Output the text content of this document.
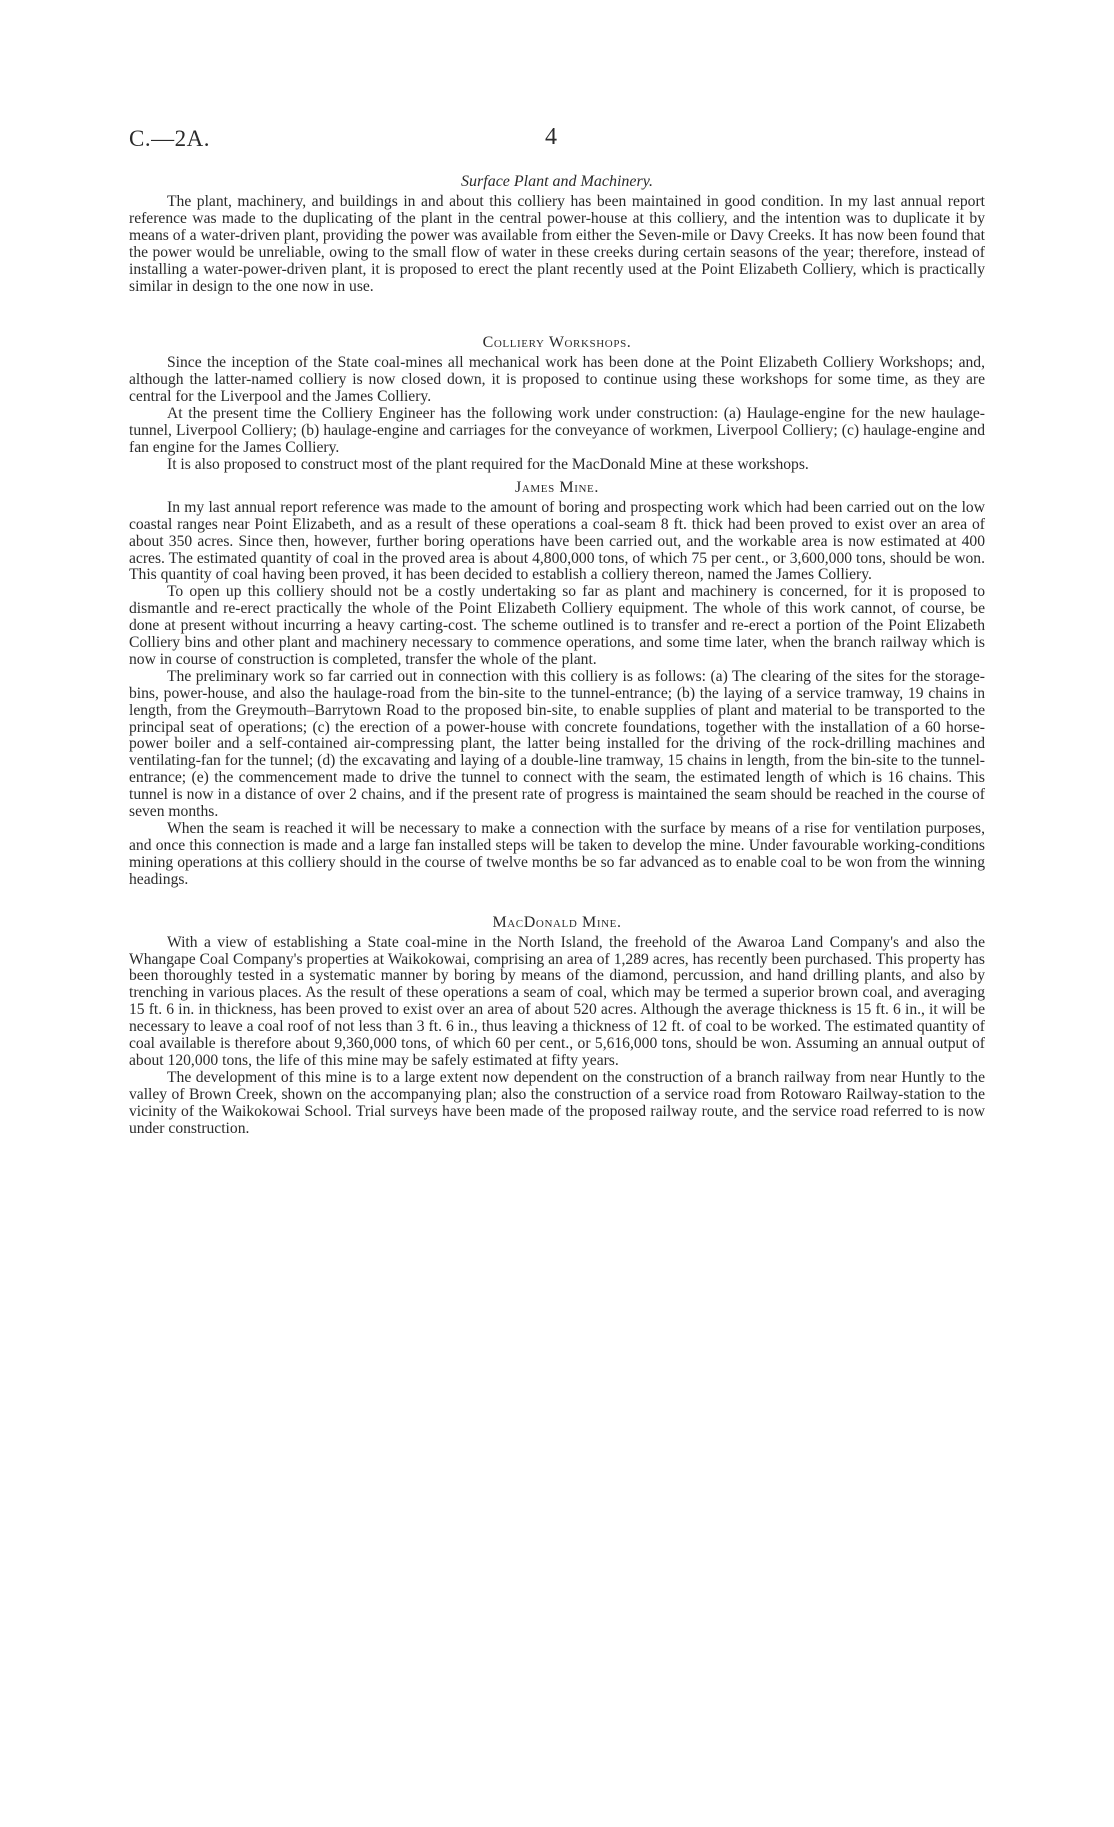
C.—2A.	4
Surface Plant and Machinery.

The plant, machinery, and buildings in and about this colliery has been maintained in good condition. In my last annual report reference was made to the duplicating of the plant in the central power-house at this colliery, and the intention was to duplicate it by means of a water-driven plant, providing the power was available from either the Seven-mile or Davy Creeks. It has now been found that the power would be unreliable, owing to the small flow of water in these creeks during certain seasons of the year; therefore, instead of installing a water-power-driven plant, it is proposed to erect the plant recently used at the Point Elizabeth Colliery, which is practically similar in design to the one now in use.

Colliery Workshops.

Since the inception of the State coal-mines all mechanical work has been done at the Point Elizabeth Colliery Workshops; and, although the latter-named colliery is now closed down, it is proposed to continue using these workshops for some time, as they are central for the Liverpool and the James Colliery.

At the present time the Colliery Engineer has the following work under construction: (a) Haulage-engine for the new haulage-tunnel, Liverpool Colliery; (b) haulage-engine and carriages for the conveyance of workmen, Liverpool Colliery; (c) haulage-engine and fan engine for the James Colliery.

It is also proposed to construct most of the plant required for the MacDonald Mine at these workshops.

James Mine.

In my last annual report reference was made to the amount of boring and prospecting work which had been carried out on the low coastal ranges near Point Elizabeth, and as a result of these operations a coal-seam 8 ft. thick had been proved to exist over an area of about 350 acres. Since then, however, further boring operations have been carried out, and the workable area is now estimated at 400 acres. The estimated quantity of coal in the proved area is about 4,800,000 tons, of which 75 per cent., or 3,600,000 tons, should be won. This quantity of coal having been proved, it has been decided to establish a colliery thereon, named the James Colliery.

To open up this colliery should not be a costly undertaking so far as plant and machinery is concerned, for it is proposed to dismantle and re-erect practically the whole of the Point Elizabeth Colliery equipment. The whole of this work cannot, of course, be done at present without incurring a heavy carting-cost. The scheme outlined is to transfer and re-erect a portion of the Point Elizabeth Colliery bins and other plant and machinery necessary to commence operations, and some time later, when the branch railway which is now in course of construction is completed, transfer the whole of the plant.

The preliminary work so far carried out in connection with this colliery is as follows: (a) The clearing of the sites for the storage-bins, power-house, and also the haulage-road from the bin-site to the tunnel-entrance; (b) the laying of a service tramway, 19 chains in length, from the Greymouth–Barrytown Road to the proposed bin-site, to enable supplies of plant and material to be transported to the principal seat of operations; (c) the erection of a power-house with concrete foundations, together with the installation of a 60 horse-power boiler and a self-contained air-compressing plant, the latter being installed for the driving of the rock-drilling machines and ventilating-fan for the tunnel; (d) the excavating and laying of a double-line tramway, 15 chains in length, from the bin-site to the tunnel-entrance; (e) the commencement made to drive the tunnel to connect with the seam, the estimated length of which is 16 chains. This tunnel is now in a distance of over 2 chains, and if the present rate of progress is maintained the seam should be reached in the course of seven months.

When the seam is reached it will be necessary to make a connection with the surface by means of a rise for ventilation purposes, and once this connection is made and a large fan installed steps will be taken to develop the mine. Under favourable working-conditions mining operations at this colliery should in the course of twelve months be so far advanced as to enable coal to be won from the winning headings.

MacDonald Mine.

With a view of establishing a State coal-mine in the North Island, the freehold of the Awaroa Land Company's and also the Whangape Coal Company's properties at Waikokowai, comprising an area of 1,289 acres, has recently been purchased. This property has been thoroughly tested in a systematic manner by boring by means of the diamond, percussion, and hand drilling plants, and also by trenching in various places. As the result of these operations a seam of coal, which may be termed a superior brown coal, and averaging 15 ft. 6 in. in thickness, has been proved to exist over an area of about 520 acres. Although the average thickness is 15 ft. 6 in., it will be necessary to leave a coal roof of not less than 3 ft. 6 in., thus leaving a thickness of 12 ft. of coal to be worked. The estimated quantity of coal available is therefore about 9,360,000 tons, of which 60 per cent., or 5,616,000 tons, should be won. Assuming an annual output of about 120,000 tons, the life of this mine may be safely estimated at fifty years.

The development of this mine is to a large extent now dependent on the construction of a branch railway from near Huntly to the valley of Brown Creek, shown on the accompanying plan; also the construction of a service road from Rotowaro Railway-station to the vicinity of the Waikokowai School. Trial surveys have been made of the proposed railway route, and the service road referred to is now under construction.
